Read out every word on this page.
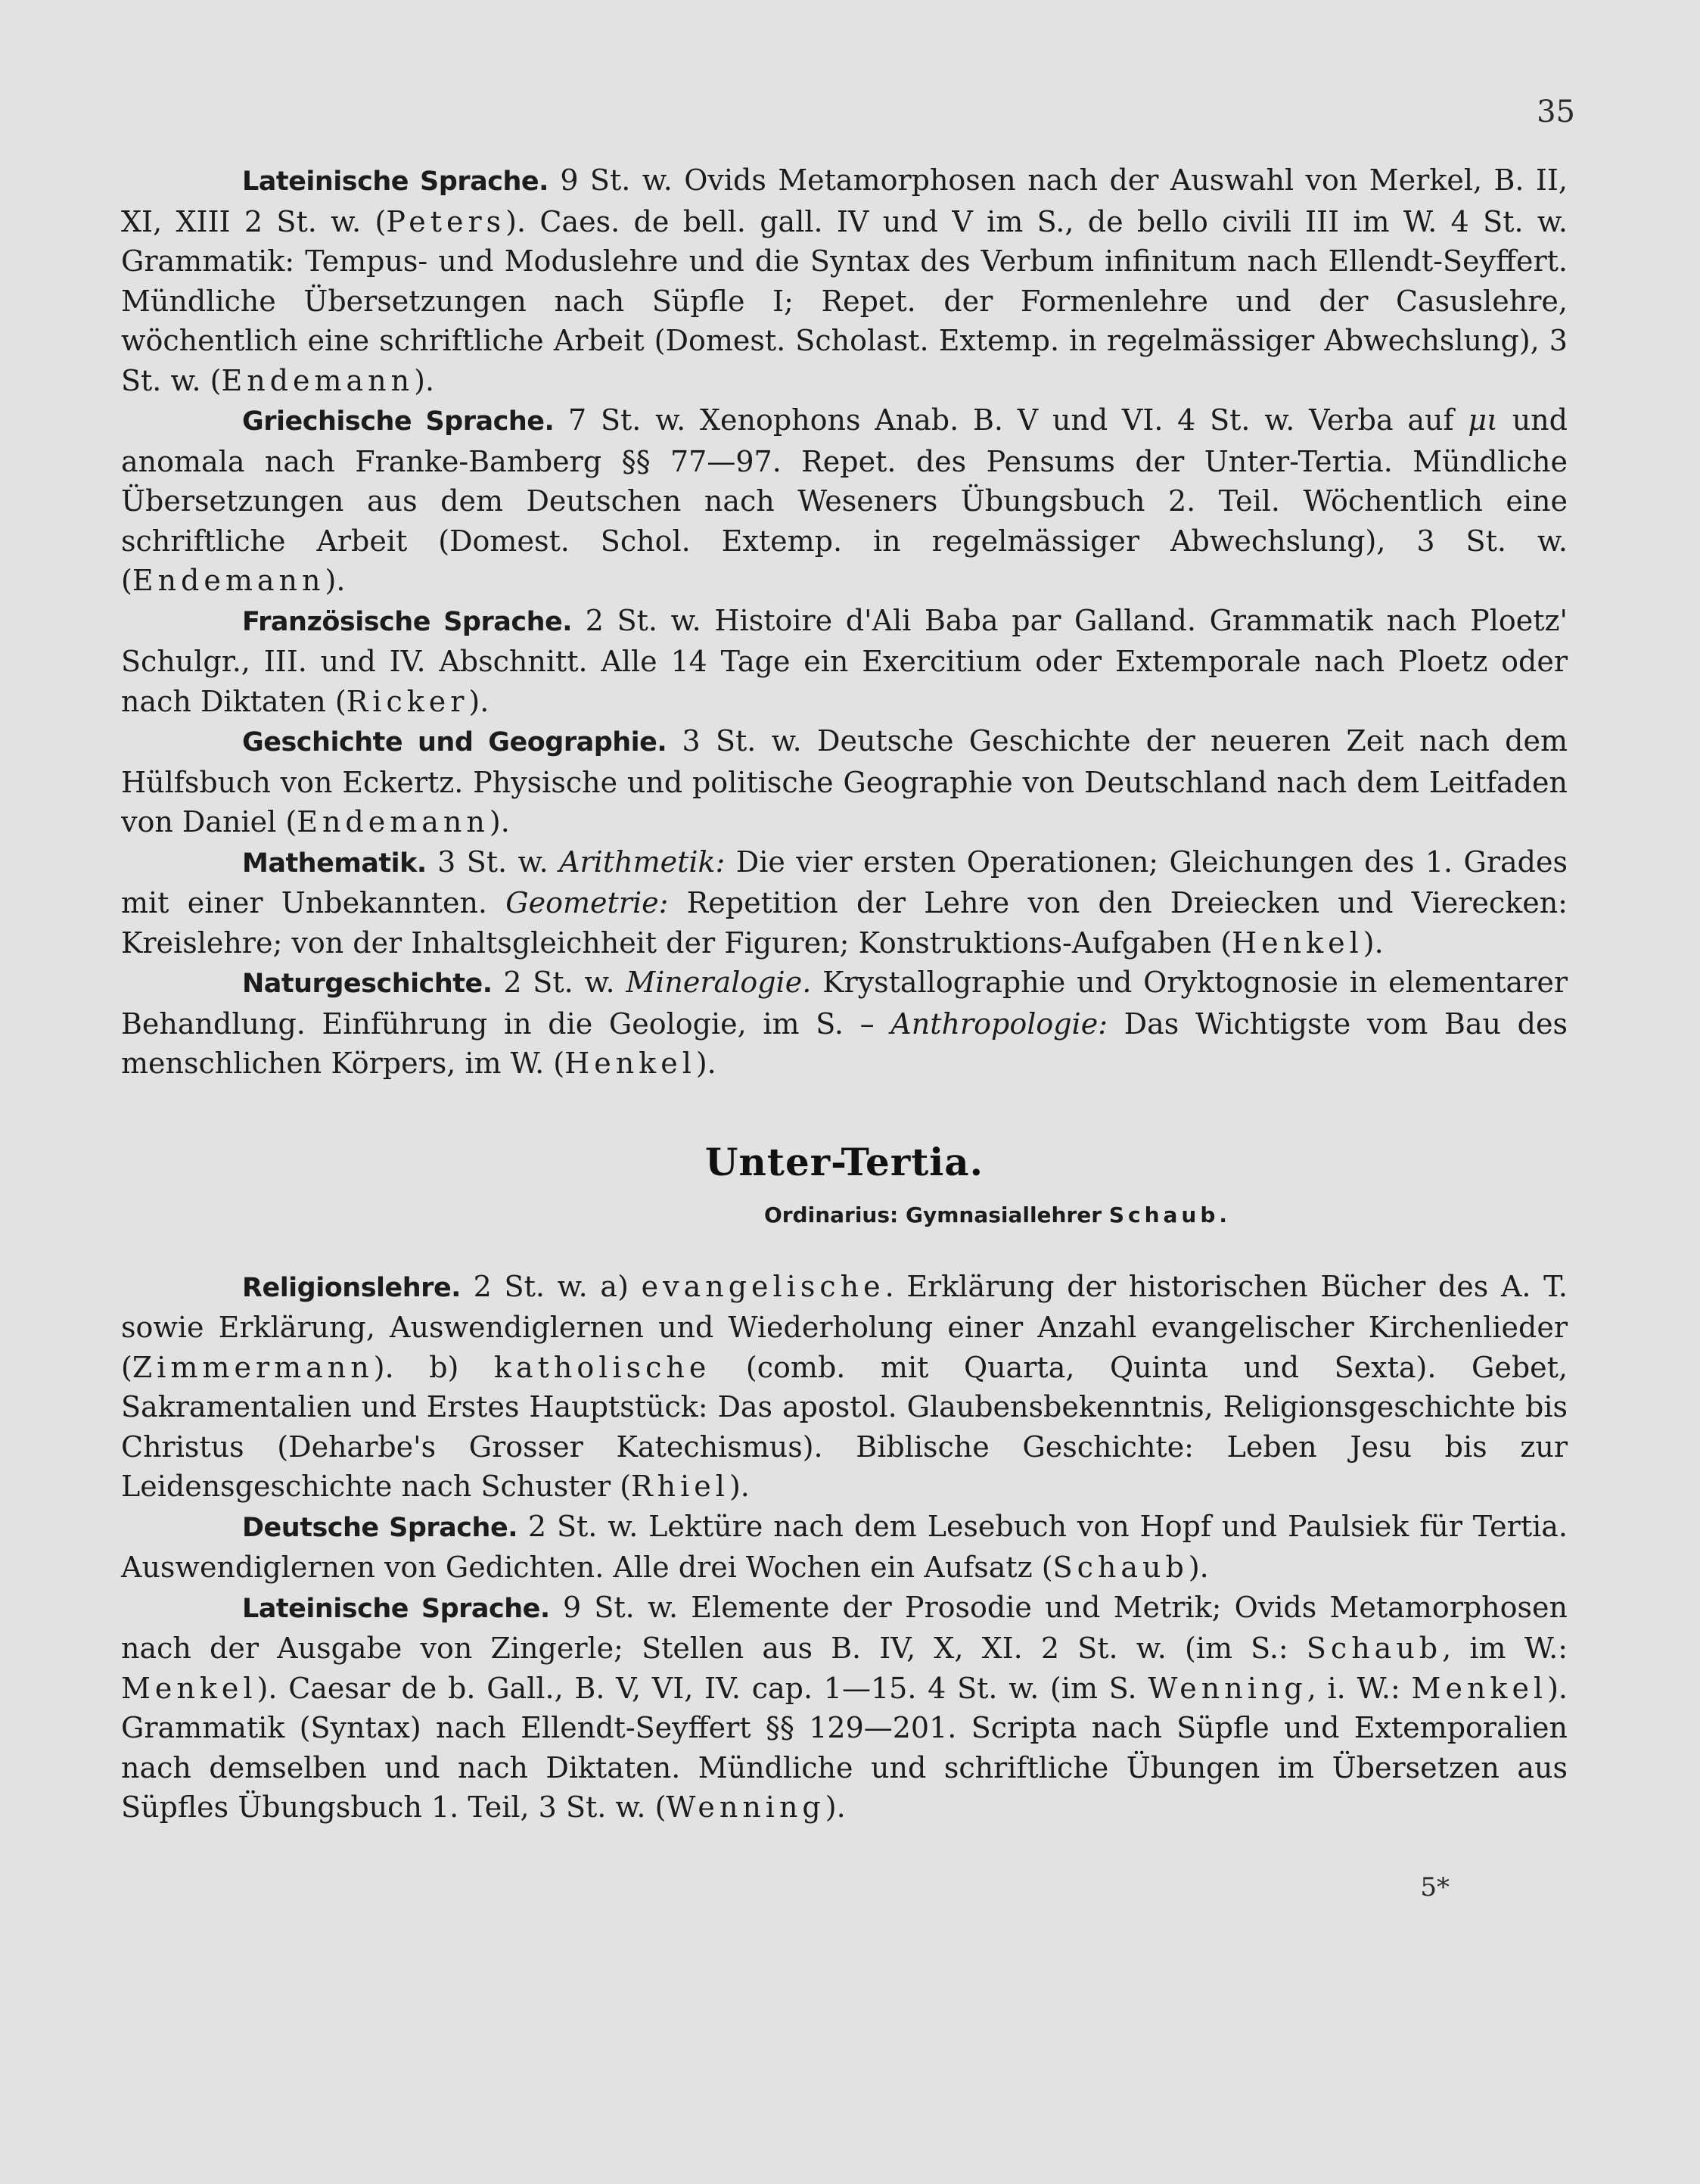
35

Lateinische Sprache. 9 St. w. Ovids Metamorphosen nach der Auswahl von Merkel, B. II, XI, XIII 2 St. w. (Peters). Caes. de bell. gall. IV und V im S., de bello civili III im W. 4 St. w. Grammatik: Tempus- und Moduslehre und die Syntax des Verbum infinitum nach Ellendt-Seyffert. Mündliche Übersetzungen nach Süpfle I; Repet. der Formenlehre und der Casuslehre, wöchentlich eine schriftliche Arbeit (Domest. Scholast. Extemp. in regelmässiger Abwechslung), 3 St. w. (Endemann).

Griechische Sprache. 7 St. w. Xenophons Anab. B. V und VI. 4 St. w. Verba auf μι und anomala nach Franke-Bamberg §§ 77—97. Repet. des Pensums der Unter-Tertia. Mündliche Übersetzungen aus dem Deutschen nach Weseners Übungsbuch 2. Teil. Wöchentlich eine schriftliche Arbeit (Domest. Schol. Extemp. in regelmässiger Abwechslung), 3 St. w. (Endemann).

Französische Sprache. 2 St. w. Histoire d'Ali Baba par Galland. Grammatik nach Ploetz' Schulgr., III. und IV. Abschnitt. Alle 14 Tage ein Exercitium oder Extemporale nach Ploetz oder nach Diktaten (Ricker).

Geschichte und Geographie. 3 St. w. Deutsche Geschichte der neueren Zeit nach dem Hülfsbuch von Eckertz. Physische und politische Geographie von Deutschland nach dem Leitfaden von Daniel (Endemann).

Mathematik. 3 St. w. Arithmetik: Die vier ersten Operationen; Gleichungen des 1. Grades mit einer Unbekannten. Geometrie: Repetition der Lehre von den Dreiecken und Vierecken: Kreislehre; von der Inhaltsgleichheit der Figuren; Konstruktions-Aufgaben (Henkel).

Naturgeschichte. 2 St. w. Mineralogie. Krystallographie und Oryktognosie in elementarer Behandlung. Einführung in die Geologie, im S. – Anthropologie: Das Wichtigste vom Bau des menschlichen Körpers, im W. (Henkel).

Unter-Tertia.
Ordinarius: Gymnasiallehrer Schaub.

Religionslehre. 2 St. w. a) evangelische. Erklärung der historischen Bücher des A. T. sowie Erklärung, Auswendiglernen und Wiederholung einer Anzahl evangelischer Kirchenlieder (Zimmermann). b) katholische (comb. mit Quarta, Quinta und Sexta). Gebet, Sakramentalien und Erstes Hauptstück: Das apostol. Glaubensbekenntnis, Religionsgeschichte bis Christus (Deharbe's Grosser Katechismus). Biblische Geschichte: Leben Jesu bis zur Leidensgeschichte nach Schuster (Rhiel).

Deutsche Sprache. 2 St. w. Lektüre nach dem Lesebuch von Hopf und Paulsiek für Tertia. Auswendiglernen von Gedichten. Alle drei Wochen ein Aufsatz (Schaub).

Lateinische Sprache. 9 St. w. Elemente der Prosodie und Metrik; Ovids Metamorphosen nach der Ausgabe von Zingerle; Stellen aus B. IV, X, XI. 2 St. w. (im S.: Schaub, im W.: Menkel). Caesar de b. Gall., B. V, VI, IV. cap. 1—15. 4 St. w. (im S. Wenning, i. W.: Menkel). Grammatik (Syntax) nach Ellendt-Seyffert §§ 129—201. Scripta nach Süpfle und Extemporalien nach demselben und nach Diktaten. Mündliche und schriftliche Übungen im Übersetzen aus Süpfles Übungsbuch 1. Teil, 3 St. w. (Wenning).

5*
